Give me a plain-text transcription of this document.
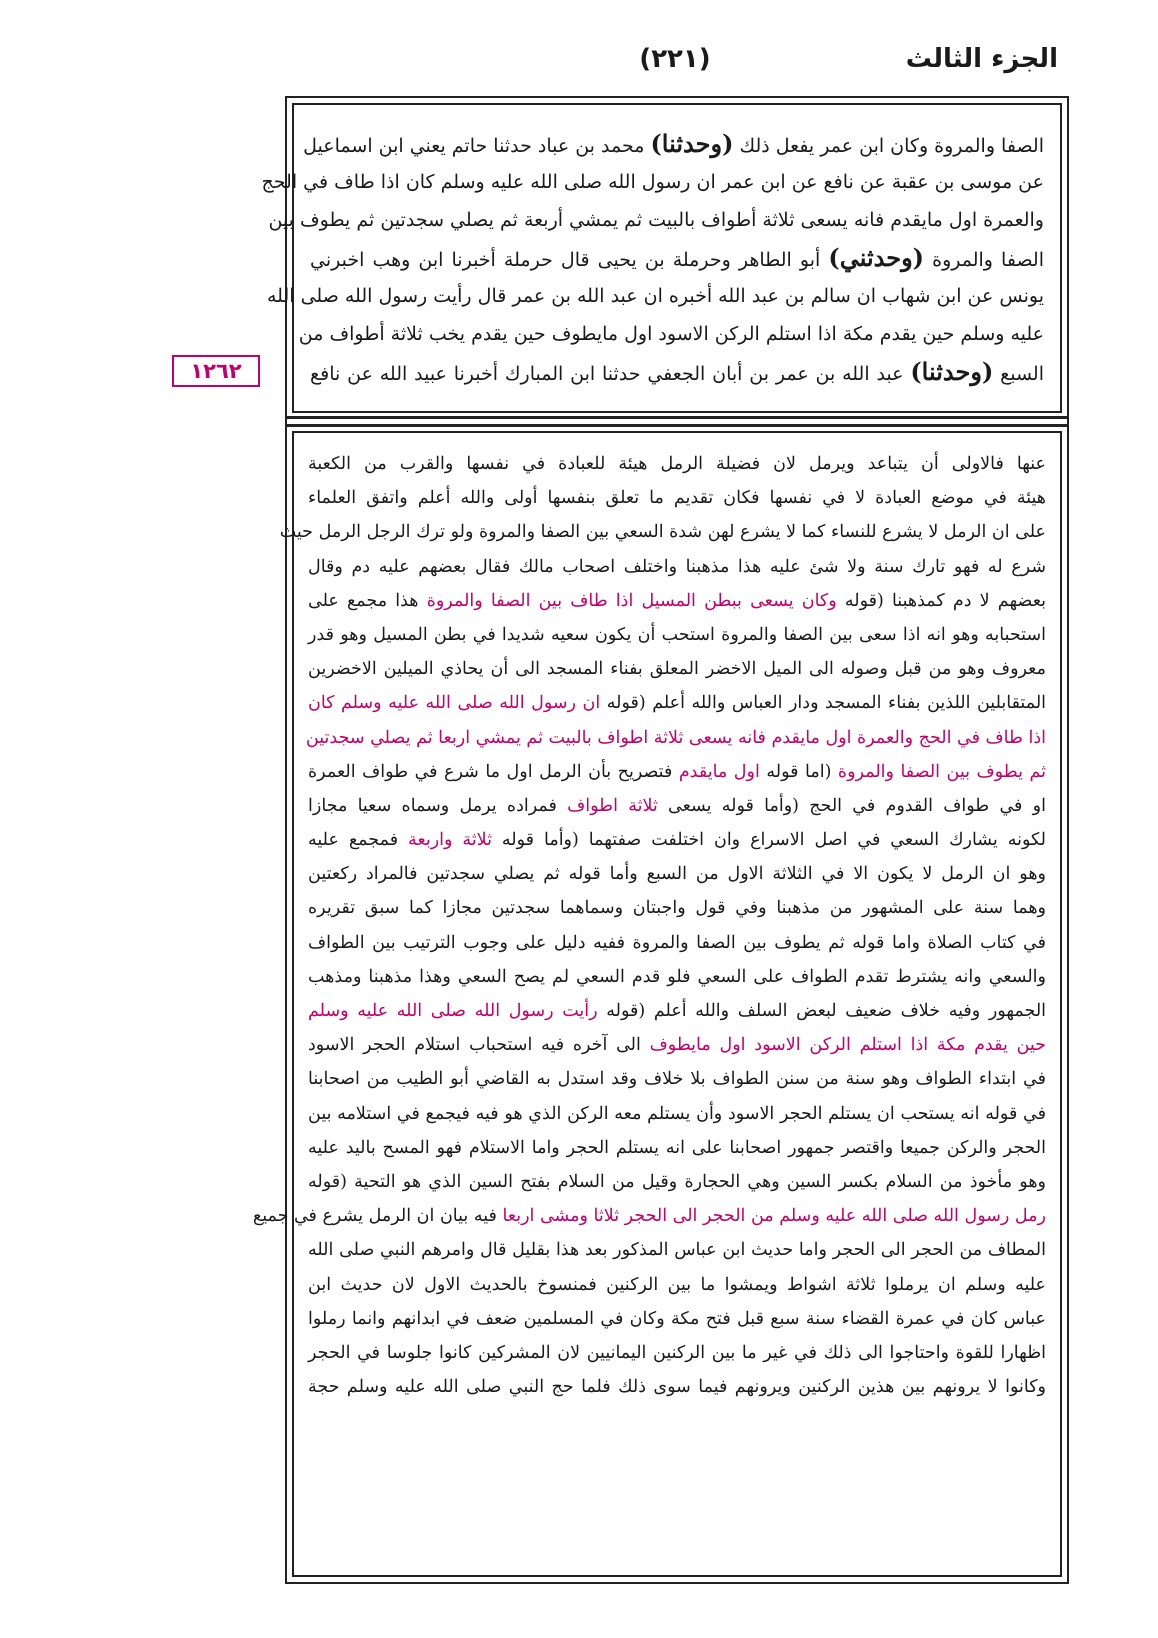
الجزء الثالث
(٢٢١)
١٢٦٢
الصفا والمروة وكان ابن عمر يفعل ذلك (وحدثنا) محمد بن عباد حدثنا حاتم يعني ابن اسماعيل
عن موسى بن عقبة عن نافع عن ابن عمر ان رسول الله صلى الله عليه وسلم كان اذا طاف في الحج
والعمرة اول مايقدم فانه يسعى ثلاثة أطواف بالبيت ثم يمشي أربعة ثم يصلي سجدتين ثم يطوف بين
الصفا والمروة (وحدثني) أبو الطاهر وحرملة بن يحيى قال حرملة أخبرنا ابن وهب اخبرني
يونس عن ابن شهاب ان سالم بن عبد الله أخبره ان عبد الله بن عمر قال رأيت رسول الله صلى الله
عليه وسلم حين يقدم مكة اذا استلم الركن الاسود اول مايطوف حين يقدم يخب ثلاثة أطواف من
السبع (وحدثنا) عبد الله بن عمر بن أبان الجعفي حدثنا ابن المبارك أخبرنا عبيد الله عن نافع
عنها فالاولى أن يتباعد ويرمل لان فضيلة الرمل هيئة للعبادة في نفسها والقرب من الكعبة
هيئة في موضع العبادة لا في نفسها فكان تقديم ما تعلق بنفسها أولى والله أعلم واتفق العلماء
على ان الرمل لا يشرع للنساء كما لا يشرع لهن شدة السعي بين الصفا والمروة ولو ترك الرجل الرمل حيث
شرع له فهو تارك سنة ولا شئ عليه هذا مذهبنا واختلف اصحاب مالك فقال بعضهم عليه دم وقال
بعضهم لا دم كمذهبنا (قوله وكان يسعى ببطن المسيل اذا طاف بين الصفا والمروة هذا مجمع على
استحبابه وهو انه اذا سعى بين الصفا والمروة استحب أن يكون سعيه شديدا في بطن المسيل وهو قدر
معروف وهو من قبل وصوله الى الميل الاخضر المعلق بفناء المسجد الى أن يحاذي الميلين الاخضرين
المتقابلين اللذين بفناء المسجد ودار العباس والله أعلم (قوله ان رسول الله صلى الله عليه وسلم كان
اذا طاف في الحج والعمرة اول مايقدم فانه يسعى ثلاثة اطواف بالبيت ثم يمشي اربعا ثم يصلي سجدتين
ثم يطوف بين الصفا والمروة (اما قوله اول مايقدم فتصريح بأن الرمل اول ما شرع في طواف العمرة
او في طواف القدوم في الحج (وأما قوله يسعى ثلاثة اطواف فمراده يرمل وسماه سعيا مجازا
لكونه يشارك السعي في اصل الاسراع وان اختلفت صفتهما (وأما قوله ثلاثة واربعة فمجمع عليه
وهو ان الرمل لا يكون الا في الثلاثة الاول من السبع وأما قوله ثم يصلي سجدتين فالمراد ركعتين
وهما سنة على المشهور من مذهبنا وفي قول واجبتان وسماهما سجدتين مجازا كما سبق تقريره
في كتاب الصلاة واما قوله ثم يطوف بين الصفا والمروة ففيه دليل على وجوب الترتيب بين الطواف
والسعي وانه يشترط تقدم الطواف على السعي فلو قدم السعي لم يصح السعي وهذا مذهبنا ومذهب
الجمهور وفيه خلاف ضعيف لبعض السلف والله أعلم (قوله رأيت رسول الله صلى الله عليه وسلم
حين يقدم مكة اذا استلم الركن الاسود اول مايطوف الى آخره فيه استحباب استلام الحجر الاسود
في ابتداء الطواف وهو سنة من سنن الطواف بلا خلاف وقد استدل به القاضي أبو الطيب من اصحابنا
في قوله انه يستحب ان يستلم الحجر الاسود وأن يستلم معه الركن الذي هو فيه فيجمع في استلامه بين
الحجر والركن جميعا واقتصر جمهور اصحابنا على انه يستلم الحجر واما الاستلام فهو المسح باليد عليه
وهو مأخوذ من السلام بكسر السين وهي الحجارة وقيل من السلام بفتح السين الذي هو التحية (قوله
رمل رسول الله صلى الله عليه وسلم من الحجر الى الحجر ثلاثا ومشى اربعا فيه بيان ان الرمل يشرع في جميع
المطاف من الحجر الى الحجر واما حديث ابن عباس المذكور بعد هذا بقليل قال وامرهم النبي صلى الله
عليه وسلم ان يرملوا ثلاثة اشواط ويمشوا ما بين الركنين فمنسوخ بالحديث الاول لان حديث ابن
عباس كان في عمرة القضاء سنة سبع قبل فتح مكة وكان في المسلمين ضعف في ابدانهم وانما رملوا
اظهارا للقوة واحتاجوا الى ذلك في غير ما بين الركنين اليمانيين لان المشركين كانوا جلوسا في الحجر
وكانوا لا يرونهم بين هذين الركنين ويرونهم فيما سوى ذلك فلما حج النبي صلى الله عليه وسلم حجة
